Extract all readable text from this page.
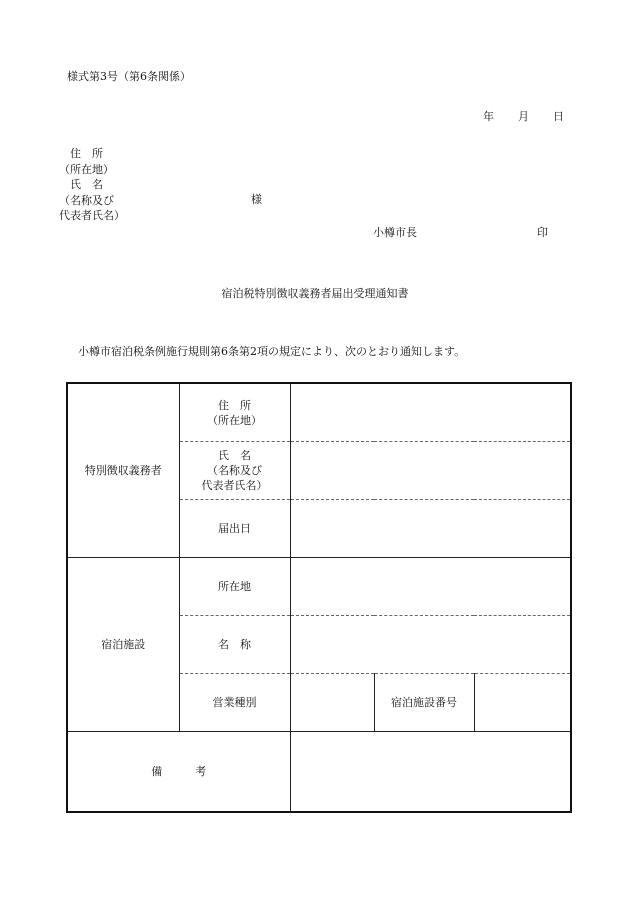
様式第3号（第6条関係）
年 月 日
　住　所
（所在地）
　氏　名
（名称及び
代表者氏名）
様
小樽市長	印
宿泊税特別徴収義務者届出受理通知書
小樽市宿泊税条例施行規則第6条第2項の規定により、次のとおり通知します。
特別徴収義務者	住　所
（所在地）			
	氏　名
（名称及び
代表者氏名）			
	届出日			
宿泊施設	所在地			
	名　称			
	営業種別		宿泊施設番号	
備　　　考				
